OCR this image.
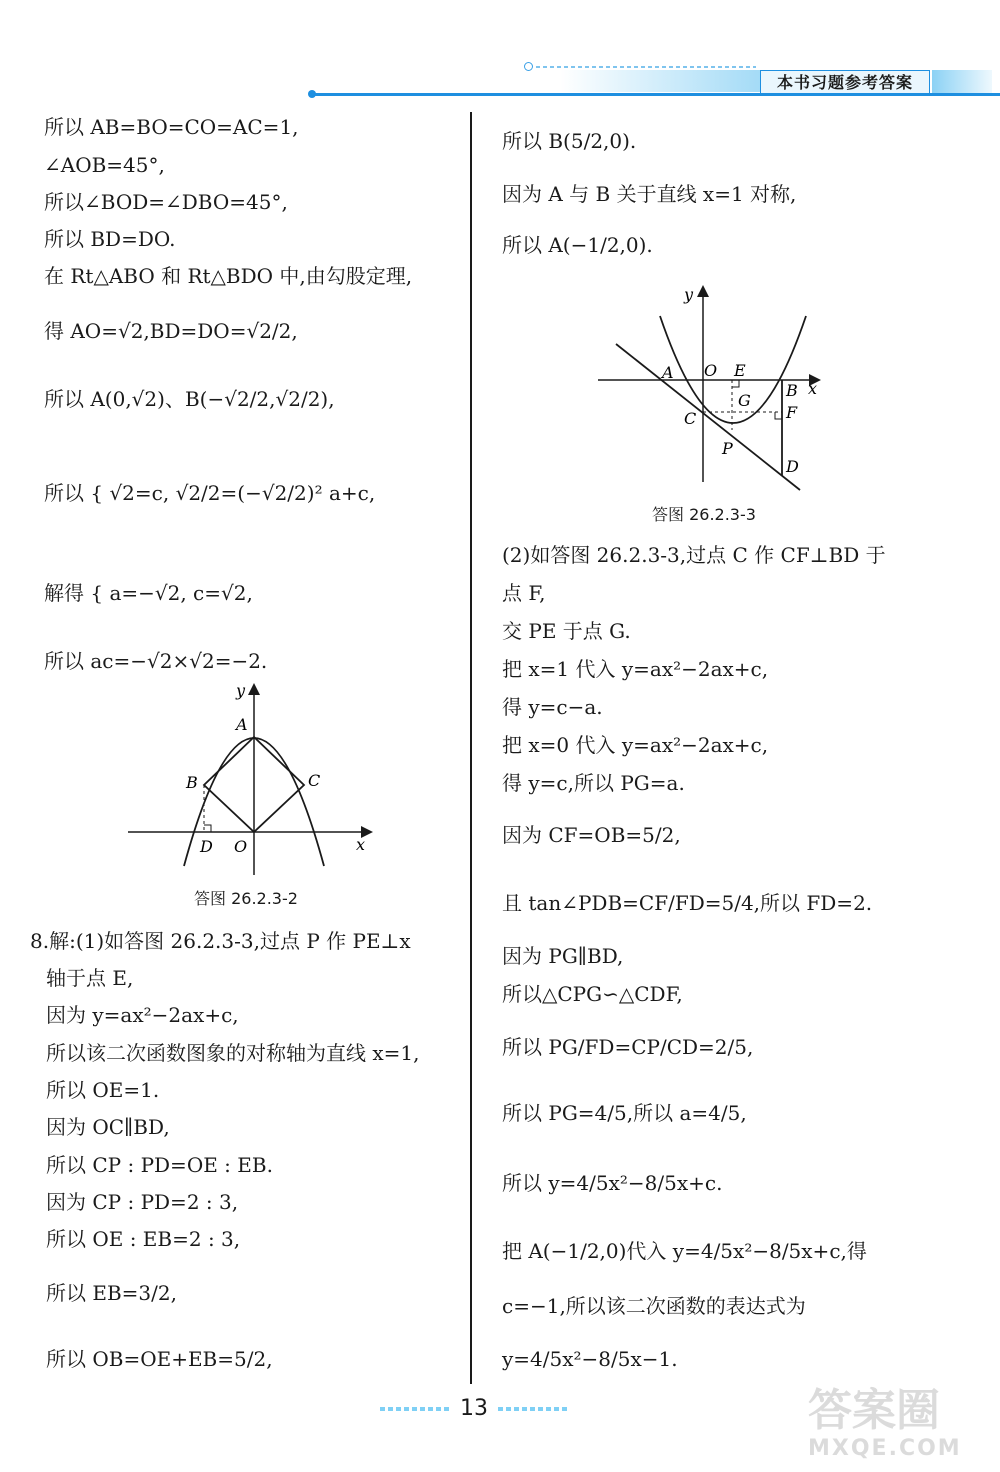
本书习题参考答案
所以 AB=BO=CO=AC=1,
∠AOB=45°,
所以∠BOD=∠DBO=45°,
所以 BD=DO.
在 Rt△ABO 和 Rt△BDO 中,由勾股定理,
得 AO=√2,BD=DO=√2/2,
所以 A(0,√2)、B(−√2/2,√2/2),
所以 { √2=c, √2/2=(−√2/2)² a+c,
解得 { a=−√2, c=√2,
所以 ac=−√2×√2=−2.
y
x
A
B	C
D O
答图 26.2.3-2
8.解:(1)如答图 26.2.3-3,过点 P 作 PE⊥x
轴于点 E,
因为 y=ax²−2ax+c,
所以该二次函数图象的对称轴为直线 x=1,
所以 OE=1.
因为 OC∥BD,
所以 CP : PD=OE : EB.
因为 CP : PD=2 : 3,
所以 OE : EB=2 : 3,
所以 EB=3/2,
所以 OB=OE+EB=5/2,
所以 B(5/2,0).
因为 A 与 B 关于直线 x=1 对称,
所以 A(−1/2,0).
y
x
A O E
B
G
F
C
P
D
答图 26.2.3-3
(2)如答图 26.2.3-3,过点 C 作 CF⊥BD 于
点 F,
交 PE 于点 G.
把 x=1 代入 y=ax²−2ax+c,
得 y=c−a.
把 x=0 代入 y=ax²−2ax+c,
得 y=c,所以 PG=a.
因为 CF=OB=5/2,
且 tan∠PDB=CF/FD=5/4,所以 FD=2.
因为 PG∥BD,
所以△CPG∽△CDF,
所以 PG/FD=CP/CD=2/5,
所以 PG=4/5,所以 a=4/5,
所以 y=4/5x²−8/5x+c.
把 A(−1/2,0)代入 y=4/5x²−8/5x+c,得
c=−1,所以该二次函数的表达式为
y=4/5x²−8/5x−1.
13	答案圈
MXQE.COM
